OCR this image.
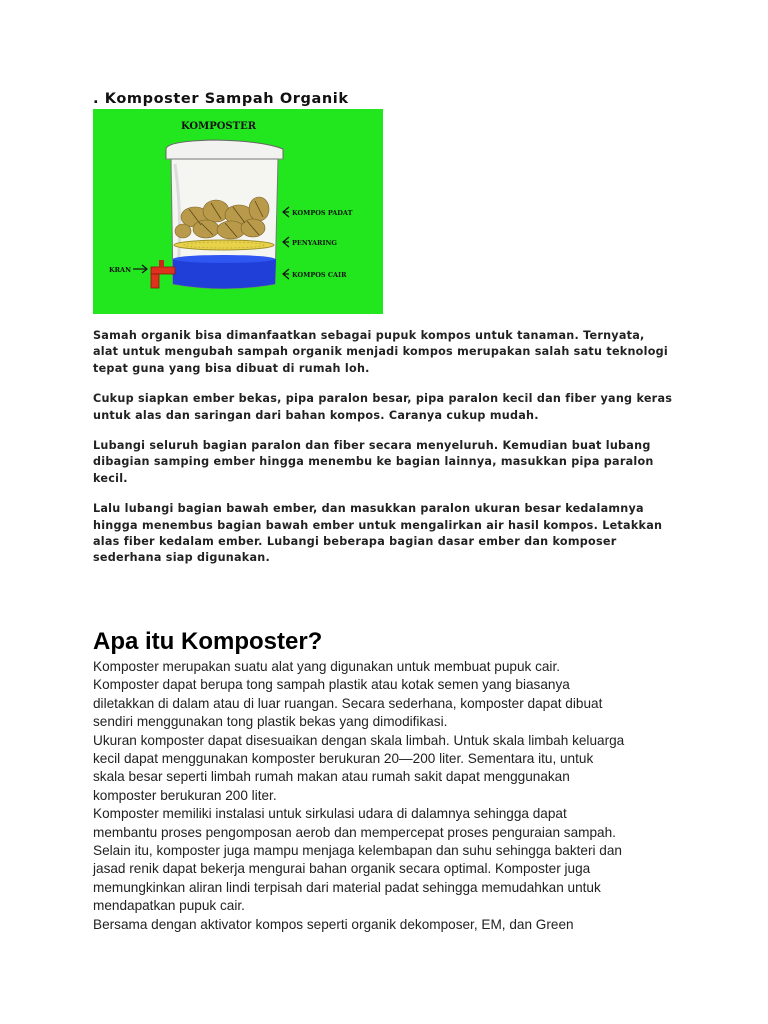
. Komposter Sampah Organik
KOMPOSTER
KOMPOS PADAT
PENYARING
KOMPOS CAIR
KRAN

Samah organik bisa dimanfaatkan sebagai pupuk kompos untuk tanaman. Ternyata, alat untuk mengubah sampah organik menjadi kompos merupakan salah satu teknologi tepat guna yang bisa dibuat di rumah loh.

Cukup siapkan ember bekas, pipa paralon besar, pipa paralon kecil dan fiber yang keras untuk alas dan saringan dari bahan kompos. Caranya cukup mudah.

Lubangi seluruh bagian paralon dan fiber secara menyeluruh. Kemudian buat lubang dibagian samping ember hingga menembu ke bagian lainnya, masukkan pipa paralon kecil.

Lalu lubangi bagian bawah ember, dan masukkan paralon ukuran besar kedalamnya hingga menembus bagian bawah ember untuk mengalirkan air hasil kompos. Letakkan alas fiber kedalam ember. Lubangi beberapa bagian dasar ember dan komposer sederhana siap digunakan.

Apa itu Komposter?

Komposter merupakan suatu alat yang digunakan untuk membuat pupuk cair.

Komposter dapat berupa tong sampah plastik atau kotak semen yang biasanya

diletakkan di dalam atau di luar ruangan. Secara sederhana, komposter dapat dibuat

sendiri menggunakan tong plastik bekas yang dimodifikasi.

Ukuran komposter dapat disesuaikan dengan skala limbah. Untuk skala limbah keluarga

kecil dapat menggunakan komposter berukuran 20—200 liter. Sementara itu, untuk

skala besar seperti limbah rumah makan atau rumah sakit dapat menggunakan

komposter berukuran 200 liter.

Komposter memiliki instalasi untuk sirkulasi udara di dalamnya sehingga dapat

membantu proses pengomposan aerob dan mempercepat proses penguraian sampah.

Selain itu, komposter juga mampu menjaga kelembapan dan suhu sehingga bakteri dan

jasad renik dapat bekerja mengurai bahan organik secara optimal. Komposter juga

memungkinkan aliran lindi terpisah dari material padat sehingga memudahkan untuk

mendapatkan pupuk cair.

Bersama dengan aktivator kompos seperti organik dekomposer, EM, dan Green
